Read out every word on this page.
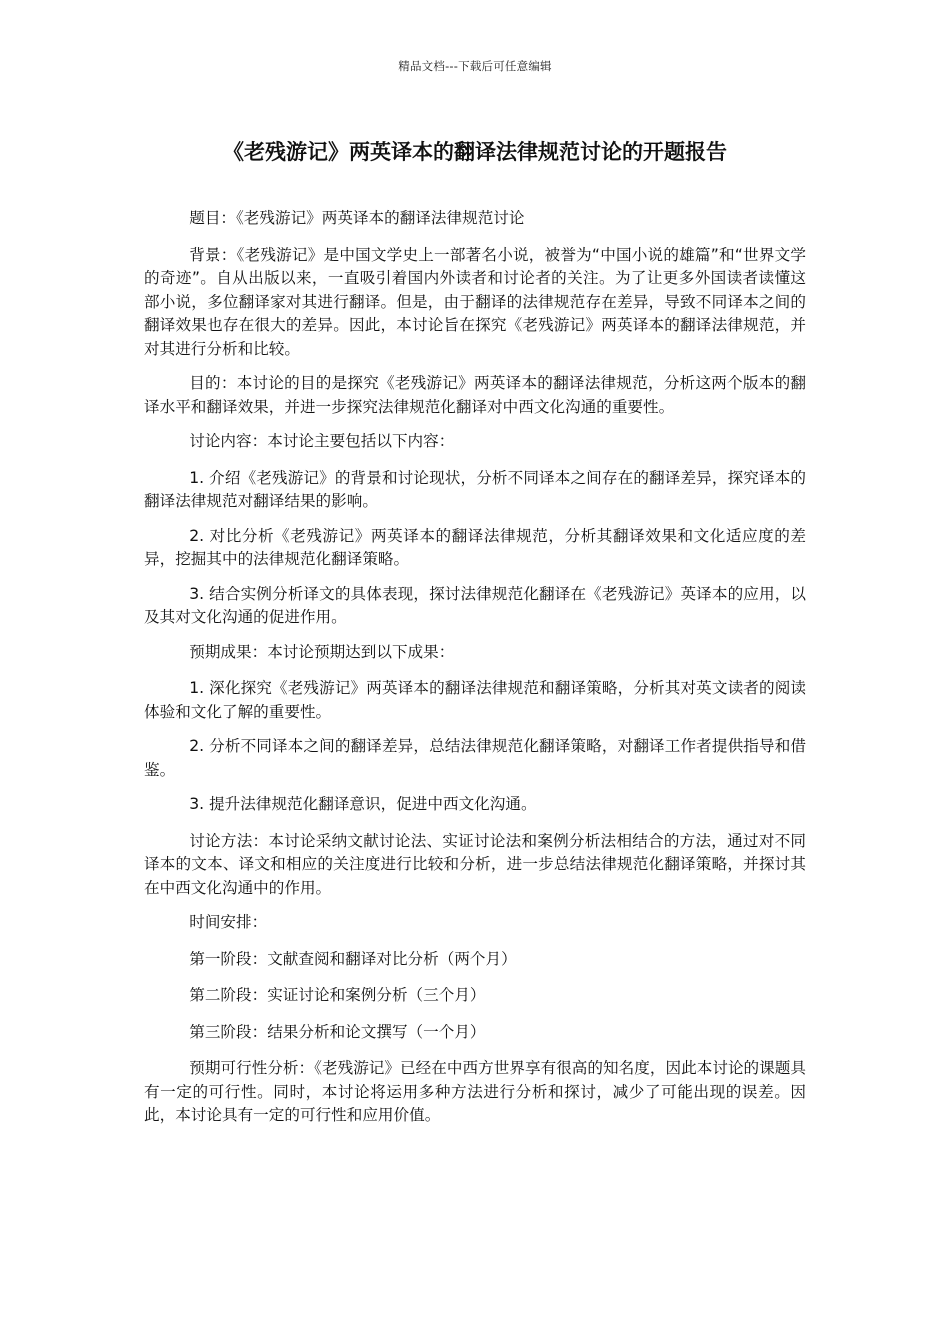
精品文档---下载后可任意编辑
《老残游记》两英译本的翻译法律规范讨论的开题报告

题目：《老残游记》两英译本的翻译法律规范讨论

背景：《老残游记》是中国文学史上一部著名小说，被誉为“中国小说的雄篇”和“世界文学的奇迹”。自从出版以来，一直吸引着国内外读者和讨论者的关注。为了让更多外国读者读懂这部小说，多位翻译家对其进行翻译。但是，由于翻译的法律规范存在差异，导致不同译本之间的翻译效果也存在很大的差异。因此，本讨论旨在探究《老残游记》两英译本的翻译法律规范，并对其进行分析和比较。

目的：本讨论的目的是探究《老残游记》两英译本的翻译法律规范，分析这两个版本的翻译水平和翻译效果，并进一步探究法律规范化翻译对中西文化沟通的重要性。

讨论内容：本讨论主要包括以下内容：

1. 介绍《老残游记》的背景和讨论现状，分析不同译本之间存在的翻译差异，探究译本的翻译法律规范对翻译结果的影响。

2. 对比分析《老残游记》两英译本的翻译法律规范，分析其翻译效果和文化适应度的差异，挖掘其中的法律规范化翻译策略。

3. 结合实例分析译文的具体表现，探讨法律规范化翻译在《老残游记》英译本的应用，以及其对文化沟通的促进作用。

预期成果：本讨论预期达到以下成果：

1. 深化探究《老残游记》两英译本的翻译法律规范和翻译策略，分析其对英文读者的阅读体验和文化了解的重要性。

2. 分析不同译本之间的翻译差异，总结法律规范化翻译策略，对翻译工作者提供指导和借鉴。

3. 提升法律规范化翻译意识，促进中西文化沟通。

讨论方法：本讨论采纳文献讨论法、实证讨论法和案例分析法相结合的方法，通过对不同译本的文本、译文和相应的关注度进行比较和分析，进一步总结法律规范化翻译策略，并探讨其在中西文化沟通中的作用。

时间安排：

第一阶段：文献查阅和翻译对比分析（两个月）

第二阶段：实证讨论和案例分析（三个月）

第三阶段：结果分析和论文撰写（一个月）

预期可行性分析：《老残游记》已经在中西方世界享有很高的知名度，因此本讨论的课题具有一定的可行性。同时，本讨论将运用多种方法进行分析和探讨，减少了可能出现的误差。因此，本讨论具有一定的可行性和应用价值。
